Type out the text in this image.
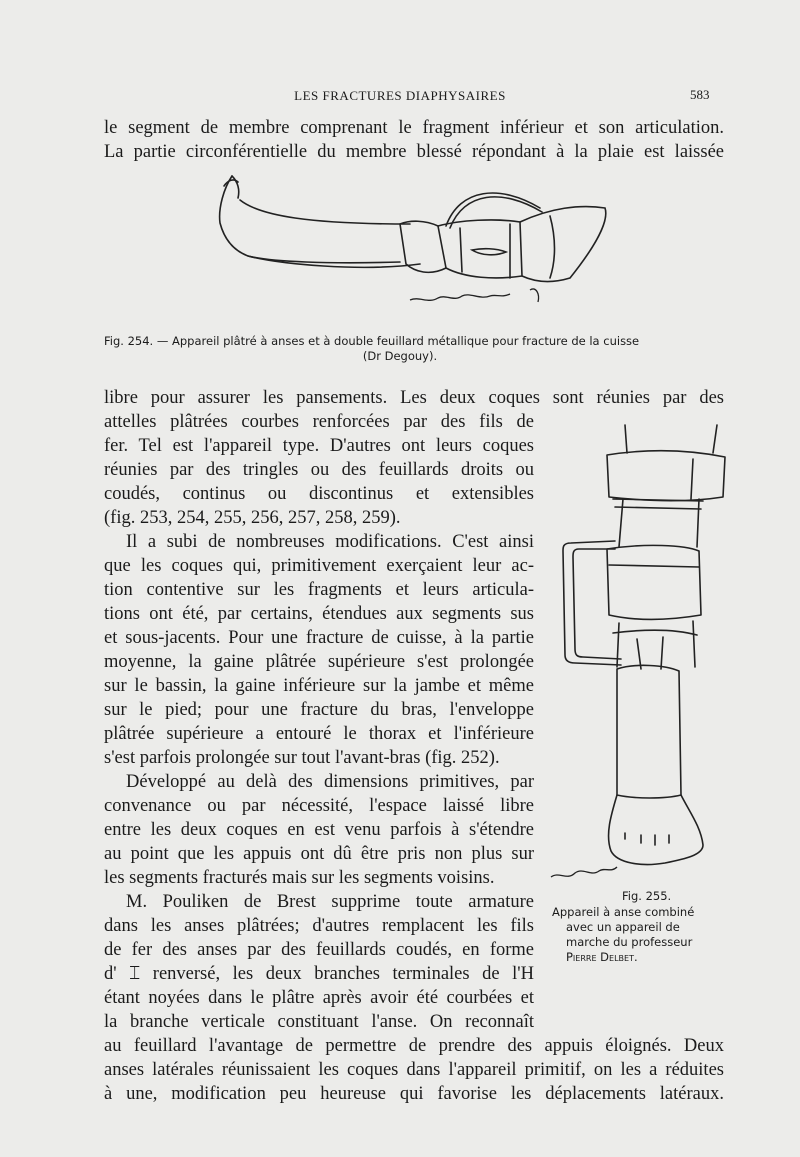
LES FRACTURES DIAPHYSAIRES	583
le segment de membre comprenant le fragment inférieur et son articulation.
La partie circonférentielle du membre blessé répondant à la plaie est laissée
Fig. 254. — Appareil plâtré à anses et à double feuillard métallique pour fracture de la cuisse
(Dr Degouy).
libre pour assurer les pansements. Les deux coques sont réunies par des
attelles plâtrées courbes renforcées par des fils de
fer. Tel est l'appareil type. D'autres ont leurs coques
réunies par des tringles ou des feuillards droits ou
coudés, continus ou discontinus et extensibles
(fig. 253, 254, 255, 256, 257, 258, 259).
Il a subi de nombreuses modifications. C'est ainsi
que les coques qui, primitivement exerçaient leur ac-
tion contentive sur les fragments et leurs articula-
tions ont été, par certains, étendues aux segments sus
et sous-jacents. Pour une fracture de cuisse, à la partie
moyenne, la gaine plâtrée supérieure s'est prolongée
sur le bassin, la gaine inférieure sur la jambe et même
sur le pied; pour une fracture du bras, l'enveloppe
plâtrée supérieure a entouré le thorax et l'inférieure
s'est parfois prolongée sur tout l'avant-bras (fig. 252).
Développé au delà des dimensions primitives, par
convenance ou par nécessité, l'espace laissé libre
entre les deux coques en est venu parfois à s'étendre
au point que les appuis ont dû être pris non plus sur
les segments fracturés mais sur les segments voisins.
M. Pouliken de Brest supprime toute armature
dans les anses plâtrées; d'autres remplacent les fils
de fer des anses par des feuillards coudés, en forme
d' ⌶ renversé, les deux branches terminales de l'H
étant noyées dans le plâtre après avoir été courbées et
la branche verticale constituant l'anse. On reconnaît
au feuillard l'avantage de permettre de prendre des appuis éloignés. Deux
anses latérales réunissaient les coques dans l'appareil primitif, on les a réduites
à une, modification peu heureuse qui favorise les déplacements latéraux.
Fig. 255.
Appareil à anse combiné
avec un appareil de
marche du professeur
Pierre Delbet.
